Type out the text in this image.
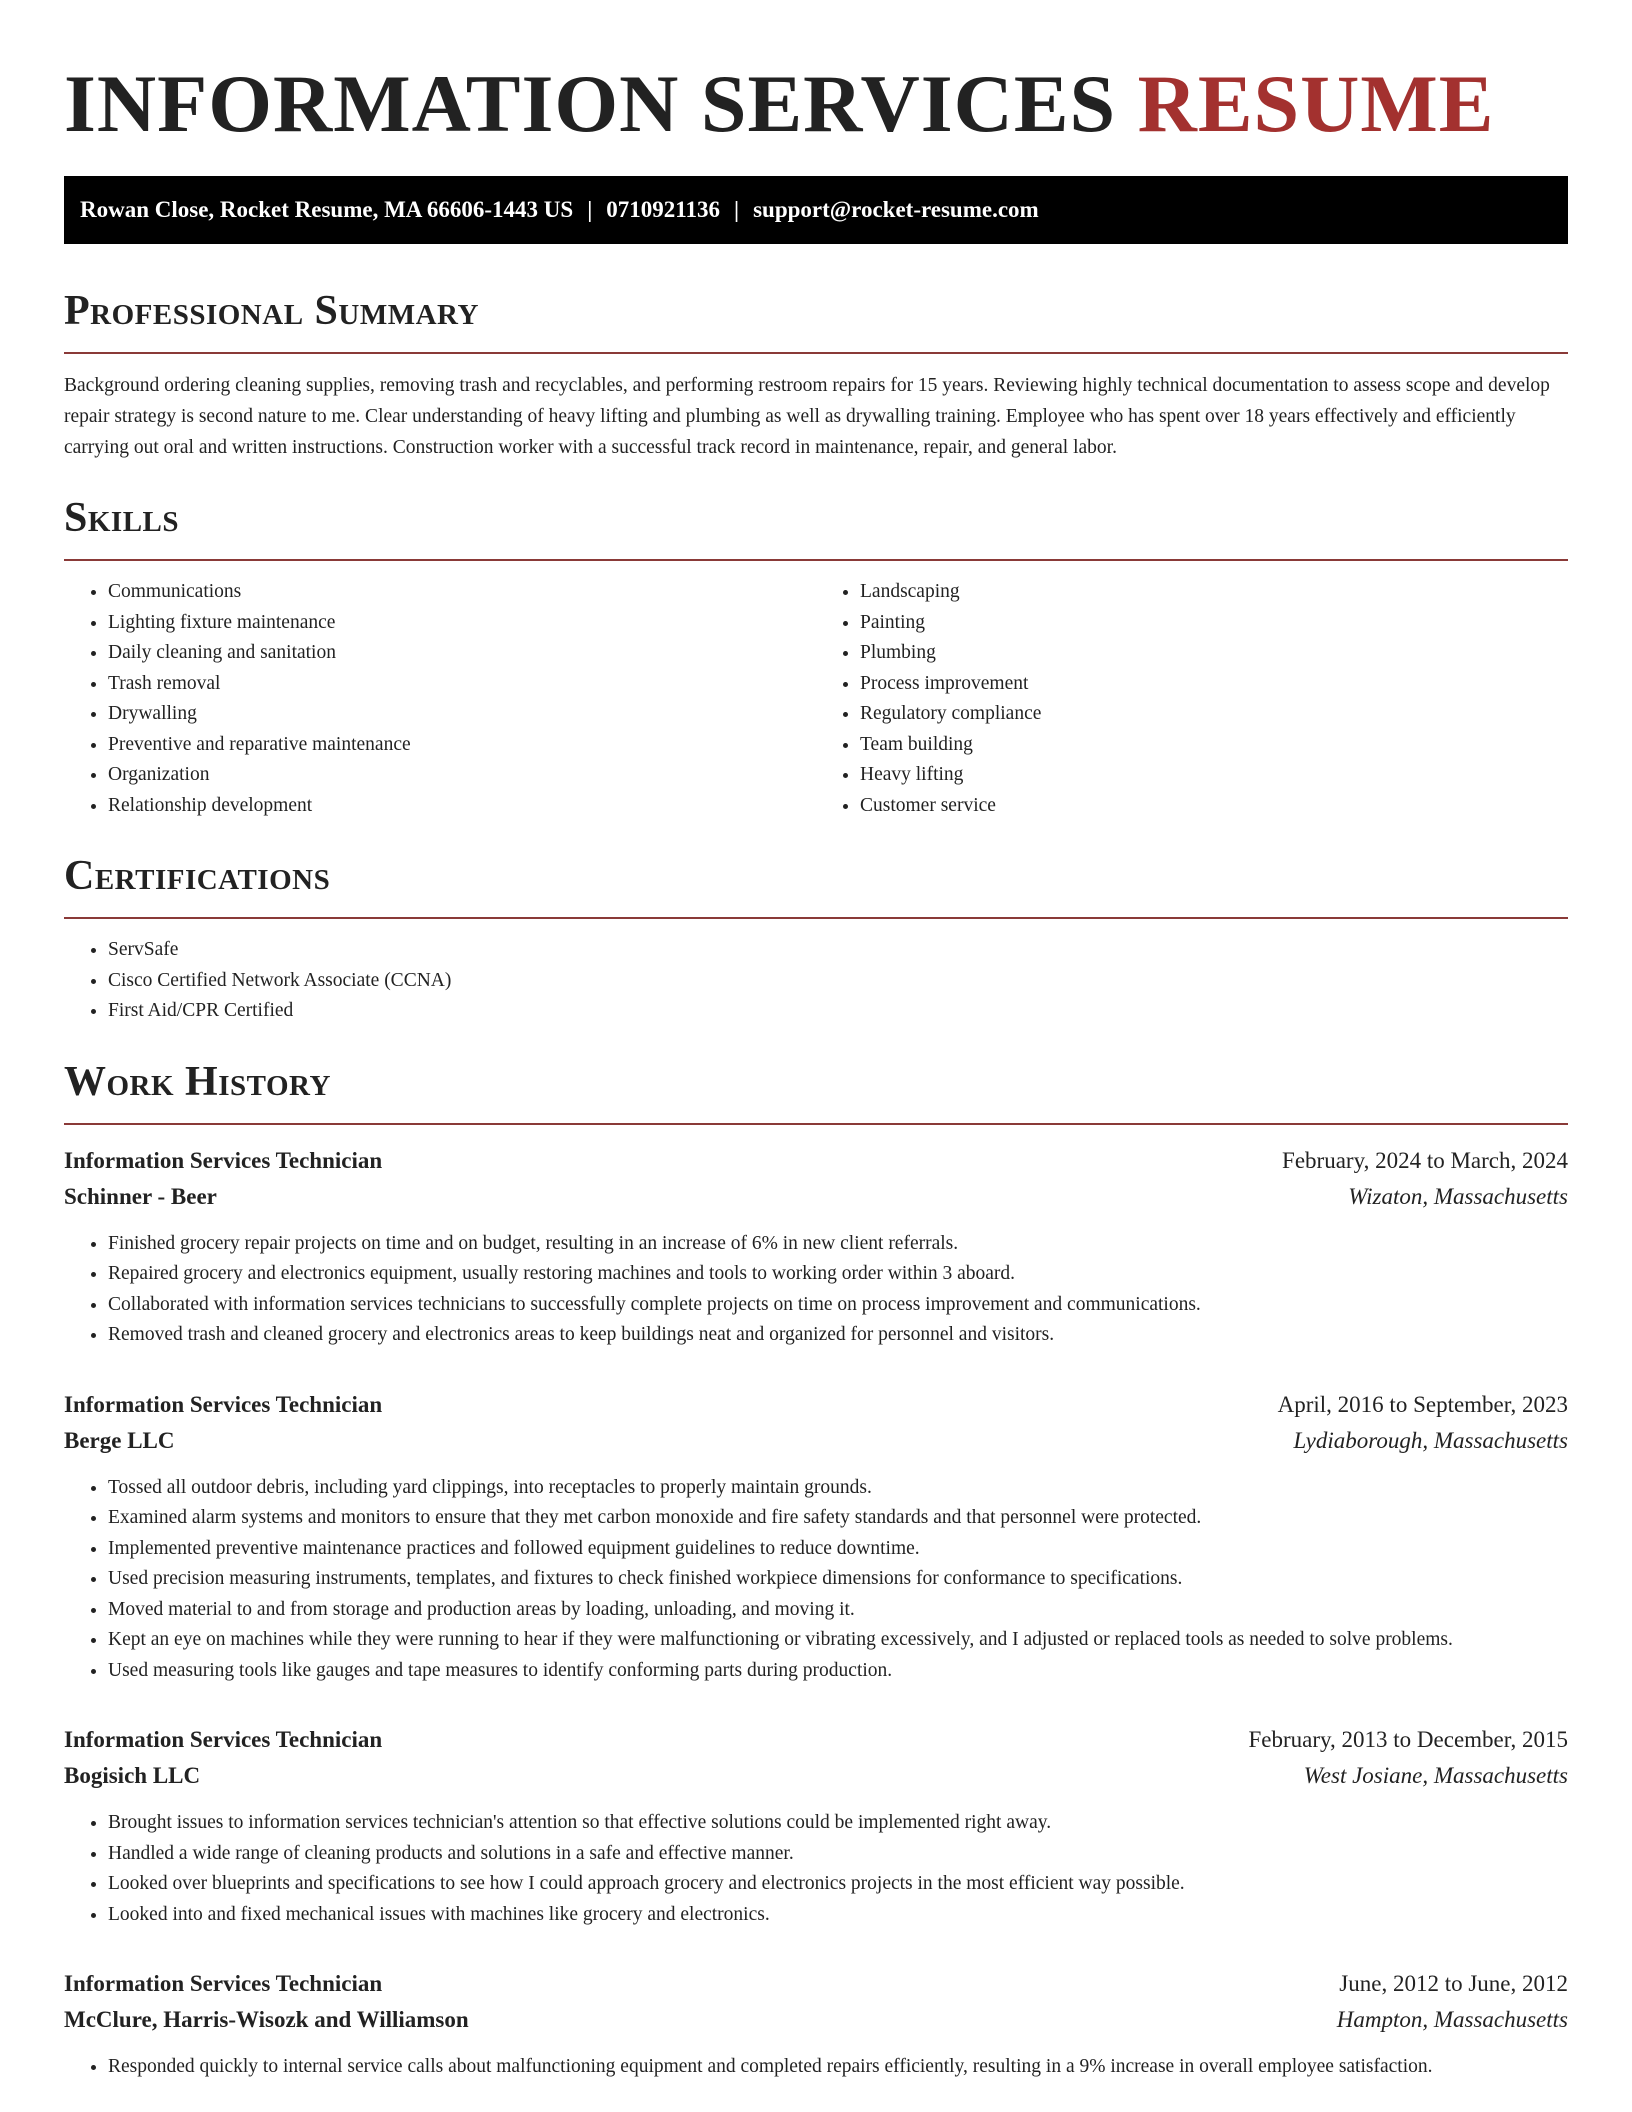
INFORMATION SERVICES RESUME
Rowan Close, Rocket Resume, MA 66606-1443 US | 0710921136 | support@rocket-resume.com
Professional Summary

Background ordering cleaning supplies, removing trash and recyclables, and performing restroom repairs for 15 years. Reviewing highly technical documentation to assess scope and develop repair strategy is second nature to me. Clear understanding of heavy lifting and plumbing as well as drywalling training. Employee who has spent over 18 years effectively and efficiently carrying out oral and written instructions. Construction worker with a successful track record in maintenance, repair, and general labor.

Skills
• Communications
• Lighting fixture maintenance
• Daily cleaning and sanitation
• Trash removal
• Drywalling
• Preventive and reparative maintenance
• Organization
• Relationship development
• Landscaping
• Painting
• Plumbing
• Process improvement
• Regulatory compliance
• Team building
• Heavy lifting
• Customer service
Certifications
• ServSafe
• Cisco Certified Network Associate (CCNA)
• First Aid/CPR Certified
Work History
Information Services Technician	February, 2024 to March, 2024
Schinner - Beer	Wizaton, Massachusetts
• Finished grocery repair projects on time and on budget, resulting in an increase of 6% in new client referrals.
• Repaired grocery and electronics equipment, usually restoring machines and tools to working order within 3 aboard.
• Collaborated with information services technicians to successfully complete projects on time on process improvement and communications.
• Removed trash and cleaned grocery and electronics areas to keep buildings neat and organized for personnel and visitors.
Information Services Technician	April, 2016 to September, 2023
Berge LLC	Lydiaborough, Massachusetts
• Tossed all outdoor debris, including yard clippings, into receptacles to properly maintain grounds.
• Examined alarm systems and monitors to ensure that they met carbon monoxide and fire safety standards and that personnel were protected.
• Implemented preventive maintenance practices and followed equipment guidelines to reduce downtime.
• Used precision measuring instruments, templates, and fixtures to check finished workpiece dimensions for conformance to specifications.
• Moved material to and from storage and production areas by loading, unloading, and moving it.
• Kept an eye on machines while they were running to hear if they were malfunctioning or vibrating excessively, and I adjusted or replaced tools as needed to solve problems.
• Used measuring tools like gauges and tape measures to identify conforming parts during production.
Information Services Technician	February, 2013 to December, 2015
Bogisich LLC	West Josiane, Massachusetts
• Brought issues to information services technician's attention so that effective solutions could be implemented right away.
• Handled a wide range of cleaning products and solutions in a safe and effective manner.
• Looked over blueprints and specifications to see how I could approach grocery and electronics projects in the most efficient way possible.
• Looked into and fixed mechanical issues with machines like grocery and electronics.
Information Services Technician	June, 2012 to June, 2012
McClure, Harris-Wisozk and Williamson	Hampton, Massachusetts
• Responded quickly to internal service calls about malfunctioning equipment and completed repairs efficiently, resulting in a 9% increase in overall employee satisfaction.
